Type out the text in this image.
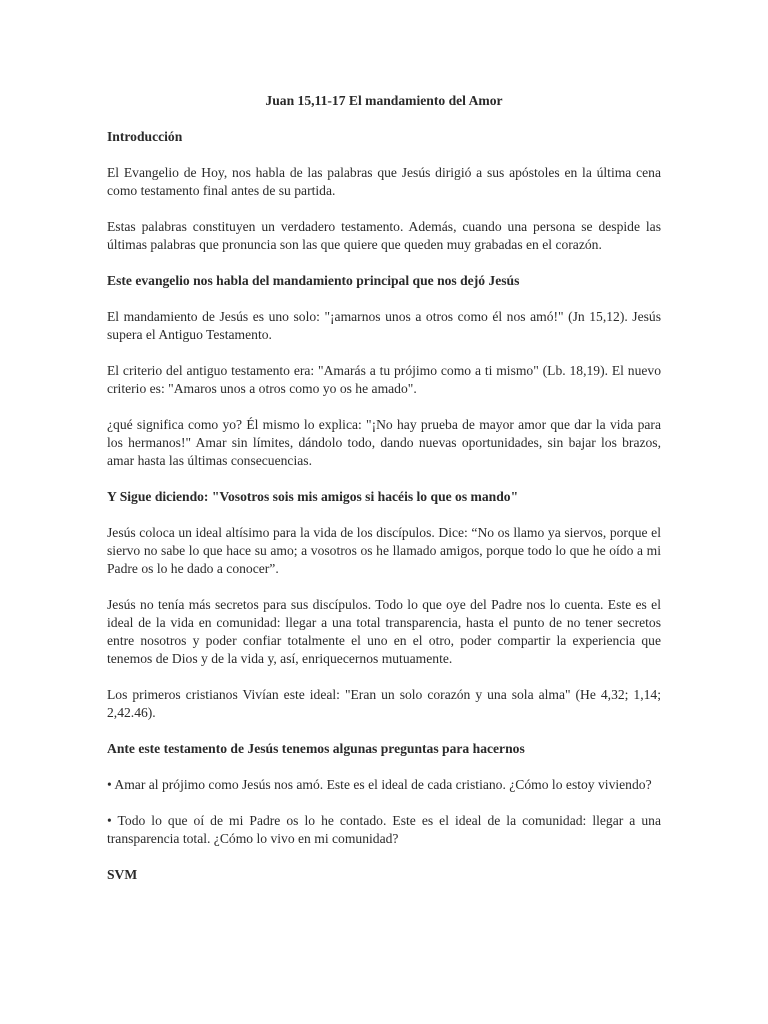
Juan 15,11-17 El mandamiento del Amor

Introducción

El Evangelio de Hoy, nos habla de las palabras que Jesús dirigió a sus apóstoles en la última cena como testamento final antes de su partida.

Estas palabras constituyen un verdadero testamento. Además, cuando una persona se despide las últimas palabras que pronuncia son las que quiere que queden muy grabadas en el corazón.

Este evangelio nos habla del mandamiento principal que nos dejó Jesús

El mandamiento de Jesús es uno solo: "¡amarnos unos a otros como él nos amó!" (Jn 15,12). Jesús supera el Antiguo Testamento.

El criterio del antiguo testamento era: "Amarás a tu prójimo como a ti mismo" (Lb. 18,19). El nuevo criterio es: "Amaros unos a otros como yo os he amado".

¿qué significa como yo? Él mismo lo explica: "¡No hay prueba de mayor amor que dar la vida para los hermanos!" Amar sin límites, dándolo todo, dando nuevas oportunidades, sin bajar los brazos, amar hasta las últimas consecuencias.

Y Sigue diciendo: "Vosotros sois mis amigos si hacéis lo que os mando"

Jesús coloca un ideal altísimo para la vida de los discípulos. Dice: “No os llamo ya siervos, porque el siervo no sabe lo que hace su amo; a vosotros os he llamado amigos, porque todo lo que he oído a mi Padre os lo he dado a conocer”.

Jesús no tenía más secretos para sus discípulos. Todo lo que oye del Padre nos lo cuenta. Este es el ideal de la vida en comunidad: llegar a una total transparencia, hasta el punto de no tener secretos entre nosotros y poder confiar totalmente el uno en el otro, poder compartir la experiencia que tenemos de Dios y de la vida y, así, enriquecernos mutuamente.

Los primeros cristianos Vivían este ideal: "Eran un solo corazón y una sola alma" (He 4,32; 1,14; 2,42.46).

Ante este testamento de Jesús tenemos algunas preguntas para hacernos

• Amar al prójimo como Jesús nos amó. Este es el ideal de cada cristiano. ¿Cómo lo estoy viviendo?

• Todo lo que oí de mi Padre os lo he contado. Este es el ideal de la comunidad: llegar a una transparencia total. ¿Cómo lo vivo en mi comunidad?

SVM
